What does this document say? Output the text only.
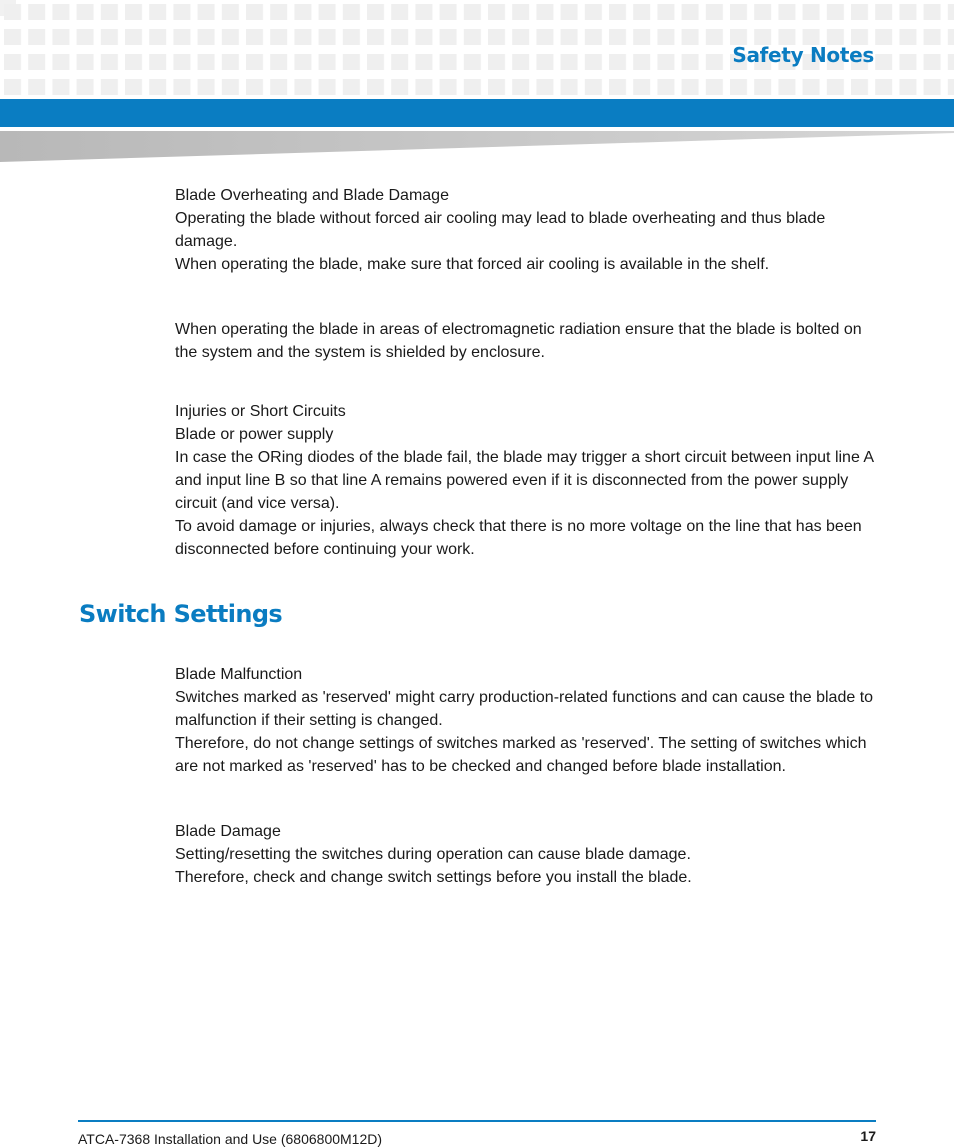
Safety Notes

Blade Overheating and Blade Damage

Operating the blade without forced air cooling may lead to blade overheating and thus blade damage.

When operating the blade, make sure that forced air cooling is available in the shelf.

When operating the blade in areas of electromagnetic radiation ensure that the blade is bolted on the system and the system is shielded by enclosure.

Injuries or Short Circuits

Blade or power supply

In case the ORing diodes of the blade fail, the blade may trigger a short circuit between input line A and input line B so that line A remains powered even if it is disconnected from the power supply circuit (and vice versa).

To avoid damage or injuries, always check that there is no more voltage on the line that has been disconnected before continuing your work.

Switch Settings

Blade Malfunction

Switches marked as 'reserved' might carry production-related functions and can cause the blade to malfunction if their setting is changed.

Therefore, do not change settings of switches marked as 'reserved'. The setting of switches which are not marked as 'reserved' has to be checked and changed before blade installation.

Blade Damage

Setting/resetting the switches during operation can cause blade damage.

Therefore, check and change switch settings before you install the blade.

ATCA-7368 Installation and Use (6806800M12D)	17
